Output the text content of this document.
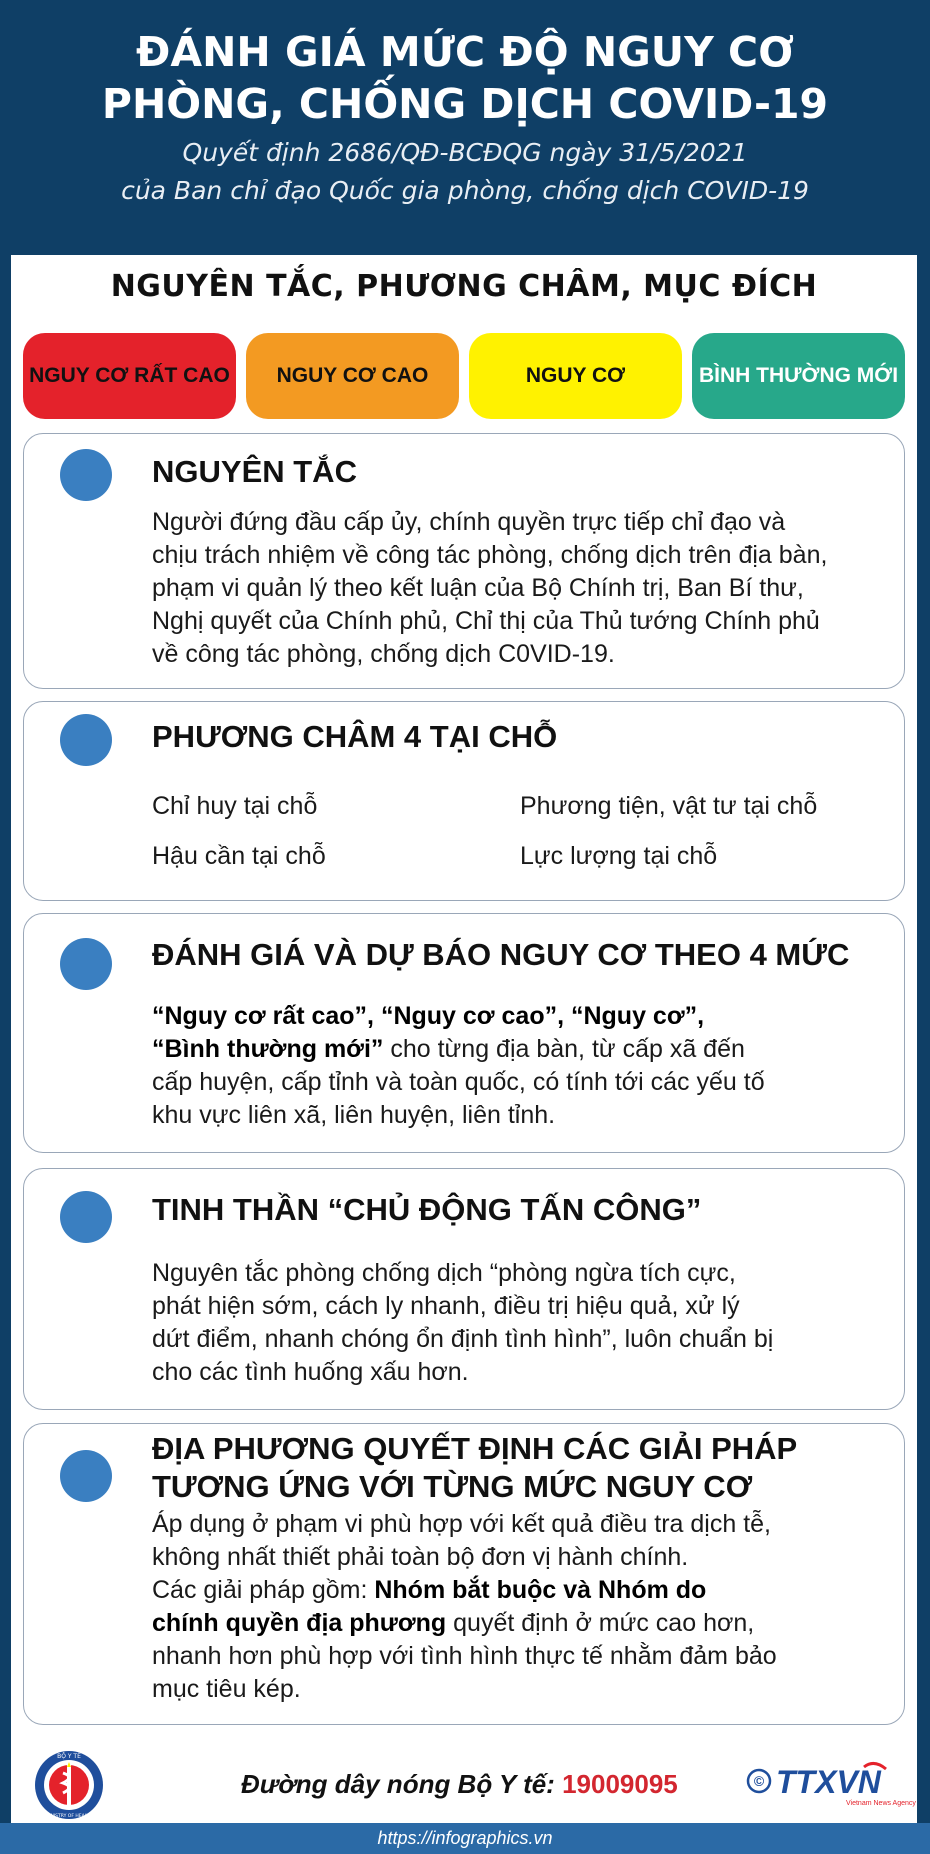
ĐÁNH GIÁ MỨC ĐỘ NGUY CƠ
PHÒNG, CHỐNG DỊCH COVID-19
Quyết định 2686/QĐ-BCĐQG ngày 31/5/2021
của Ban chỉ đạo Quốc gia phòng, chống dịch COVID-19
NGUYÊN TẮC, PHƯƠNG CHÂM, MỤC ĐÍCH
NGUY CƠ RẤT CAO NGUY CƠ CAO	NGUY CƠ	BÌNH THƯỜNG MỚI
NGUYÊN TẮC
Người đứng đầu cấp ủy, chính quyền trực tiếp chỉ đạo và
chịu trách nhiệm về công tác phòng, chống dịch trên địa bàn,
phạm vi quản lý theo kết luận của Bộ Chính trị, Ban Bí thư,
Nghị quyết của Chính phủ, Chỉ thị của Thủ tướng Chính phủ
về công tác phòng, chống dịch C0VID-19.
PHƯƠNG CHÂM 4 TẠI CHỖ
Chỉ huy tại chỗ	Phương tiện, vật tư tại chỗ
Hậu cần tại chỗ	Lực lượng tại chỗ
ĐÁNH GIÁ VÀ DỰ BÁO NGUY CƠ THEO 4 MỨC
“Nguy cơ rất cao”, “Nguy cơ cao”, “Nguy cơ”,
“Bình thường mới” cho từng địa bàn, từ cấp xã đến
cấp huyện, cấp tỉnh và toàn quốc, có tính tới các yếu tố
khu vực liên xã, liên huyện, liên tỉnh.
TINH THẦN “CHỦ ĐỘNG TẤN CÔNG”
Nguyên tắc phòng chống dịch “phòng ngừa tích cực,
phát hiện sớm, cách ly nhanh, điều trị hiệu quả, xử lý
dứt điểm, nhanh chóng ổn định tình hình”, luôn chuẩn bị
cho các tình huống xấu hơn.
ĐỊA PHƯƠNG QUYẾT ĐỊNH CÁC GIẢI PHÁP
TƯƠNG ỨNG VỚI TỪNG MỨC NGUY CƠ
Áp dụng ở phạm vi phù hợp với kết quả điều tra dịch tễ,
không nhất thiết phải toàn bộ đơn vị hành chính.
Các giải pháp gồm: Nhóm bắt buộc và Nhóm do
chính quyền địa phương quyết định ở mức cao hơn,
nhanh hơn phù hợp với tình hình thực tế nhằm đảm bảo
mục tiêu kép.
BỘ Y TẾ
MINISTRY OF HEALTH
Đường dây nóng Bộ Y tế: 19009095	© TTXVN
Vietnam News Agency
https://infographics.vn
